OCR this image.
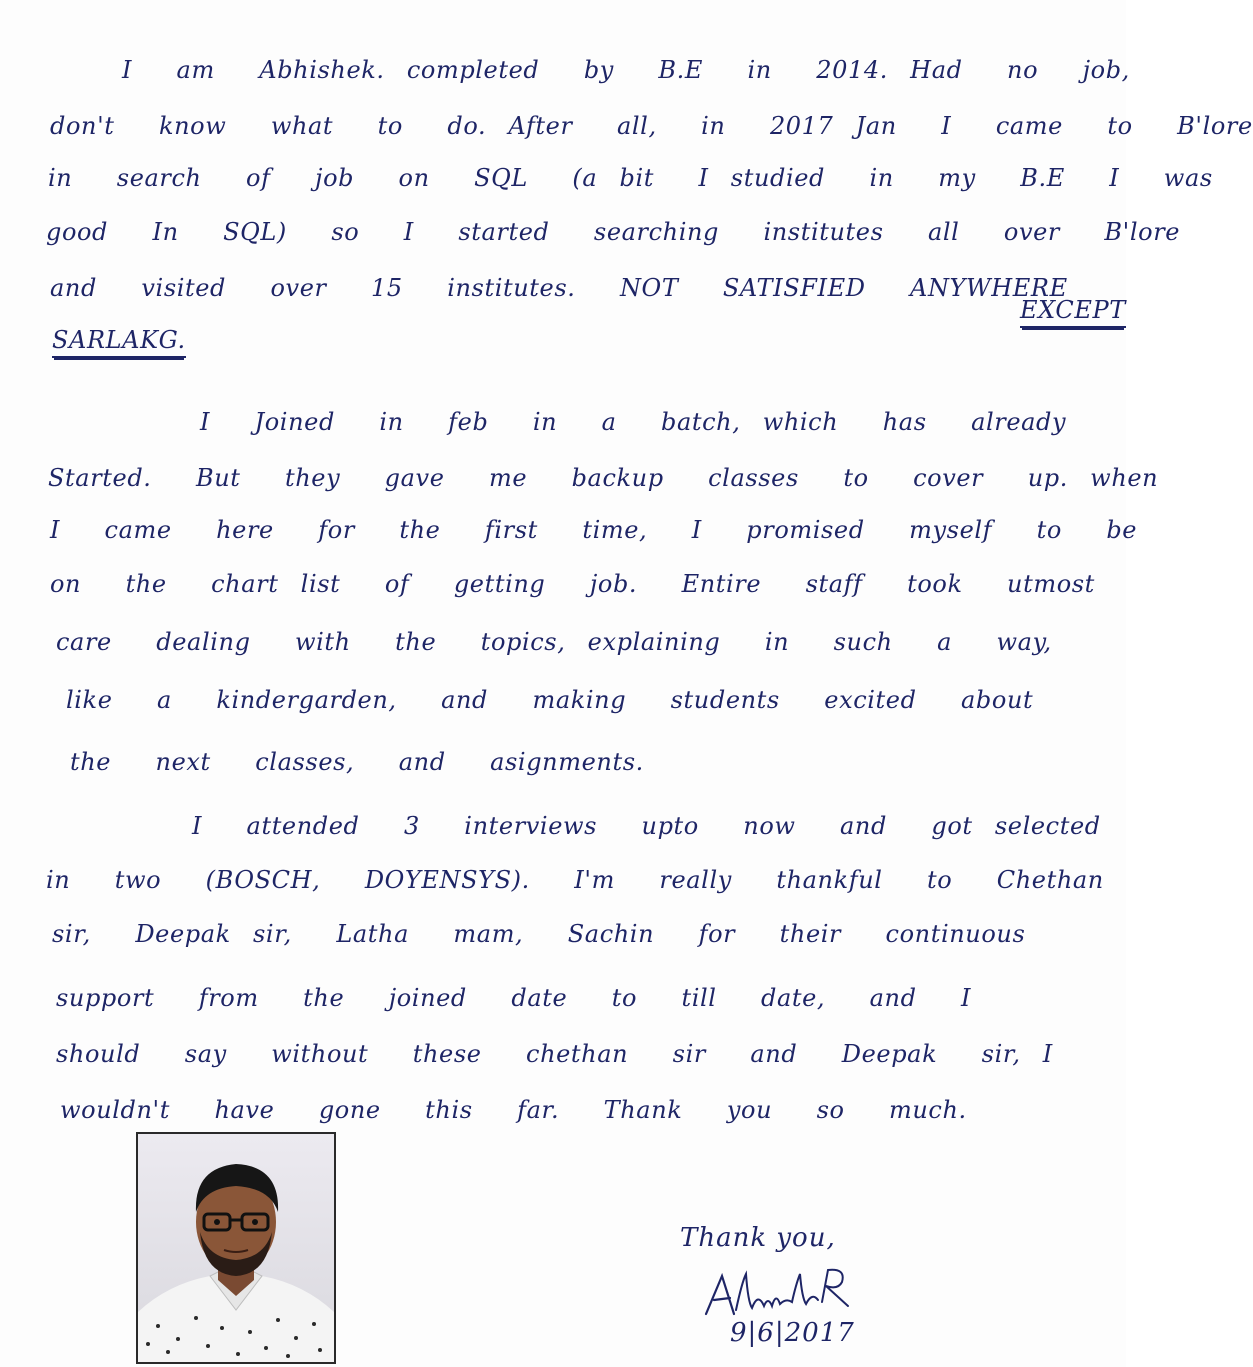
I  am  Abhishek. completed  by  B.E  in  2014. Had  no  job,
don't  know  what  to  do. After  all,  in  2017 Jan  I  came  to  B'lore
in  search  of  job  on  SQL  (a bit  I studied  in  my  B.E  I  was
good  In  SQL)  so  I  started  searching  institutes  all  over  B'lore
and  visited  over  15  institutes.  NOT  SATISFIED  ANYWHERE
EXCEPT
SARLAKG.
I  Joined  in  feb  in  a  batch, which  has  already
Started.  But  they  gave  me  backup  classes  to  cover  up. when
I  came  here  for  the  first  time,  I  promised  myself  to  be
on  the  chart list  of  getting  job.  Entire  staff  took  utmost
care  dealing  with  the  topics, explaining  in  such  a  way,
like  a  kindergarden,  and  making  students  excited  about
the  next  classes,  and  asignments.
I  attended  3  interviews  upto  now  and  got selected
in  two  (BOSCH,  DOYENSYS).  I'm  really  thankful  to  Chethan
sir,  Deepak sir,  Latha  mam,  Sachin  for  their  continuous
support  from  the  joined  date  to  till  date,  and  I
should  say  without  these  chethan  sir  and  Deepak  sir, I
wouldn't  have  gone  this  far.  Thank  you  so  much.
Thank you,
9|6|2017
